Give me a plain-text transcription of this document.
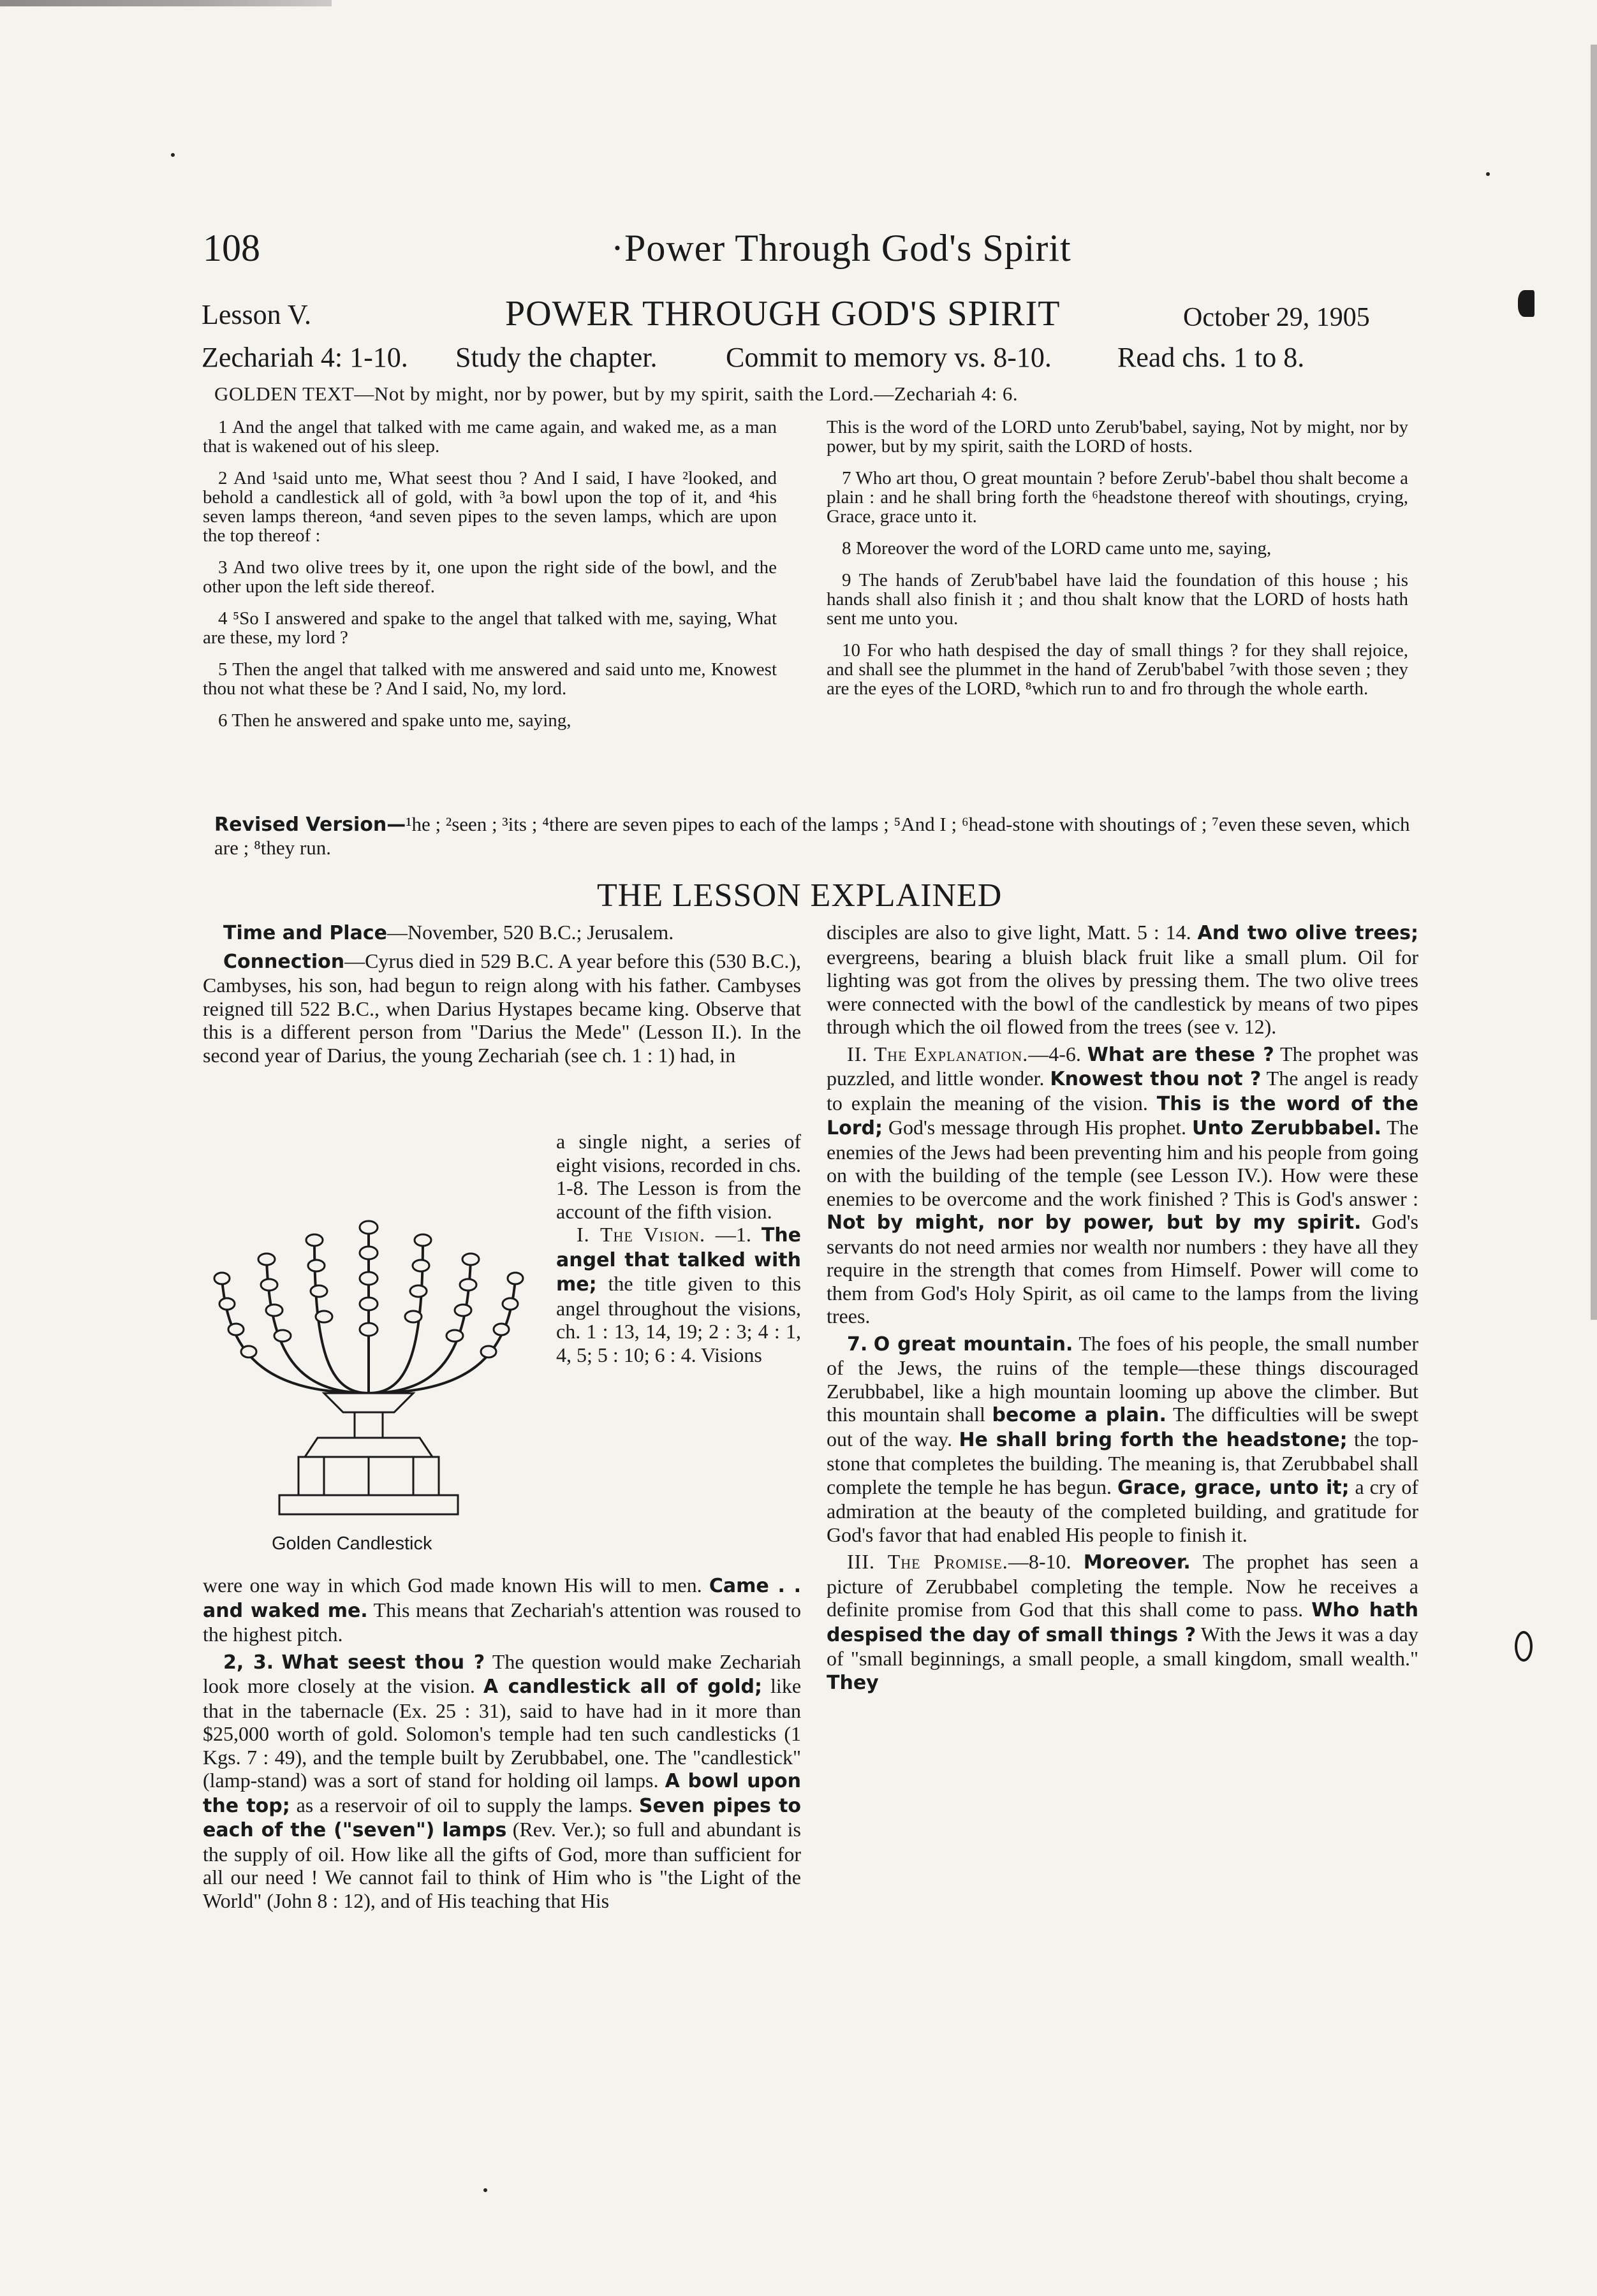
108	·Power Through God's Spirit
Lesson V.	POWER THROUGH GOD'S SPIRIT	October 29, 1905
Zechariah 4: 1-10. Study the chapter. Commit to memory vs. 8-10. Read chs. 1 to 8.
GOLDEN TEXT—Not by might, nor by power, but by my spirit, saith the Lord.—Zechariah 4: 6.

1 And the angel that talked with me came again, and waked me, as a man that is wakened out of his sleep.

2 And ¹said unto me, What seest thou ? And I said, I have ²looked, and behold a candlestick all of gold, with ³a bowl upon the top of it, and ⁴his seven lamps thereon, ⁴and seven pipes to the seven lamps, which are upon the top thereof :

3 And two olive trees by it, one upon the right side of the bowl, and the other upon the left side thereof.

4 ⁵So I answered and spake to the angel that talked with me, saying, What are these, my lord ?

5 Then the angel that talked with me answered and said unto me, Knowest thou not what these be ? And I said, No, my lord.

6 Then he answered and spake unto me, saying,

This is the word of the LORD unto Zerub'babel, saying, Not by might, nor by power, but by my spirit, saith the LORD of hosts.

7 Who art thou, O great mountain ? before Zerub'-babel thou shalt become a plain : and he shall bring forth the ⁶headstone thereof with shoutings, crying, Grace, grace unto it.

8 Moreover the word of the LORD came unto me, saying,

9 The hands of Zerub'babel have laid the foundation of this house ; his hands shall also finish it ; and thou shalt know that the LORD of hosts hath sent me unto you.

10 For who hath despised the day of small things ? for they shall rejoice, and shall see the plummet in the hand of Zerub'babel ⁷with those seven ; they are the eyes of the LORD, ⁸which run to and fro through the whole earth.

Revised Version—¹he ; ²seen ; ³its ; ⁴there are seven pipes to each of the lamps ; ⁵And I ; ⁶head-stone with shoutings of ; ⁷even these seven, which are ; ⁸they run.
THE LESSON EXPLAINED
Golden Candlestick

Time and Place—November, 520 B.C.; Jerusalem.

Connection—Cyrus died in 529 B.C. A year before this (530 B.C.), Cambyses, his son, had begun to reign along with his father. Cambyses reigned till 522 B.C., when Darius Hystapes became king. Observe that this is a different person from "Darius the Mede" (Lesson II.). In the second year of Darius, the young Zechariah (see ch. 1 : 1) had, in

a single night, a series of eight visions, recorded in chs. 1-8. The Lesson is from the account of the fifth vision.
I. The Vision. —1. The angel that talked with me; the title given to this angel throughout the visions, ch. 1 : 13, 14, 19; 2 : 3; 4 : 1, 4, 5; 5 : 10; 6 : 4. Visions

were one way in which God made known His will to men. Came . . and waked me. This means that Zechariah's attention was roused to the highest pitch.

2, 3. What seest thou ? The question would make Zechariah look more closely at the vision. A candlestick all of gold; like that in the tabernacle (Ex. 25 : 31), said to have had in it more than $25,000 worth of gold. Solomon's temple had ten such candlesticks (1 Kgs. 7 : 49), and the temple built by Zerubbabel, one. The "candlestick" (lamp-stand) was a sort of stand for holding oil lamps. A bowl upon the top; as a reservoir of oil to supply the lamps. Seven pipes to each of the ("seven") lamps (Rev. Ver.); so full and abundant is the supply of oil. How like all the gifts of God, more than sufficient for all our need ! We cannot fail to think of Him who is "the Light of the World" (John 8 : 12), and of His teaching that His

disciples are also to give light, Matt. 5 : 14. And two olive trees; evergreens, bearing a bluish black fruit like a small plum. Oil for lighting was got from the olives by pressing them. The two olive trees were connected with the bowl of the candlestick by means of two pipes through which the oil flowed from the trees (see v. 12).

II. The Explanation.—4-6. What are these ? The prophet was puzzled, and little wonder. Knowest thou not ? The angel is ready to explain the meaning of the vision. This is the word of the Lord; God's message through His prophet. Unto Zerubbabel. The enemies of the Jews had been preventing him and his people from going on with the building of the temple (see Lesson IV.). How were these enemies to be overcome and the work finished ? This is God's answer : Not by might, nor by power, but by my spirit. God's servants do not need armies nor wealth nor numbers : they have all they require in the strength that comes from Himself. Power will come to them from God's Holy Spirit, as oil came to the lamps from the living trees.

7. O great mountain. The foes of his people, the small number of the Jews, the ruins of the temple—these things discouraged Zerubbabel, like a high mountain looming up above the climber. But this mountain shall become a plain. The difficulties will be swept out of the way. He shall bring forth the headstone; the top-stone that completes the building. The meaning is, that Zerubbabel shall complete the temple he has begun. Grace, grace, unto it; a cry of admiration at the beauty of the completed building, and gratitude for God's favor that had enabled His people to finish it.

III. The Promise.—8-10. Moreover. The prophet has seen a picture of Zerubbabel completing the temple. Now he receives a definite promise from God that this shall come to pass. Who hath despised the day of small things ? With the Jews it was a day of "small beginnings, a small people, a small kingdom, small wealth." They
